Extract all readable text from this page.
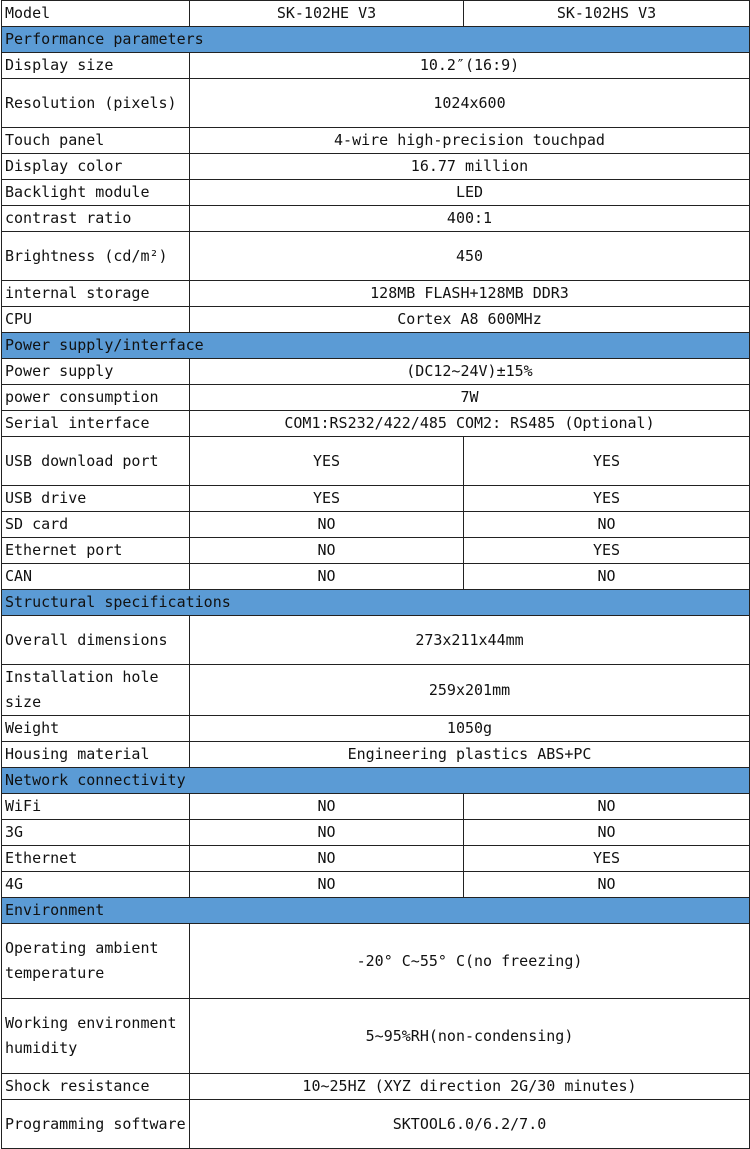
Model	SK-102HE V3	SK-102HS V3
Performance parameters		
Display size	10.2″(16:9)	
Resolution (pixels)	1024x600	
Touch panel	4-wire high-precision touchpad	
Display color	16.77 million	
Backlight module	LED	
contrast ratio	400:1	
Brightness (cd/m²)	450	
internal storage	128MB FLASH+128MB DDR3	
CPU	Cortex A8 600MHz	
Power supply/interface		
Power supply	(DC12~24V)±15%	
power consumption	7W	
Serial interface	COM1:RS232/422/485 COM2: RS485 (Optional)	
USB download port	YES	YES
USB drive	YES	YES
SD card	NO	NO
Ethernet port	NO	YES
CAN	NO	NO
Structural specifications		
Overall dimensions	273x211x44mm	
Installation hole size	259x201mm	
Weight	1050g	
Housing material	Engineering plastics ABS+PC	
Network connectivity		
WiFi	NO	NO
3G	NO	NO
Ethernet	NO	YES
4G	NO	NO
Environment		
Operating ambient temperature	-20° C~55° C(no freezing)	
Working environment humidity	5~95%RH(non-condensing)	
Shock resistance	10~25HZ (XYZ direction 2G/30 minutes)	
Programming software	SKTOOL6.0/6.2/7.0	
